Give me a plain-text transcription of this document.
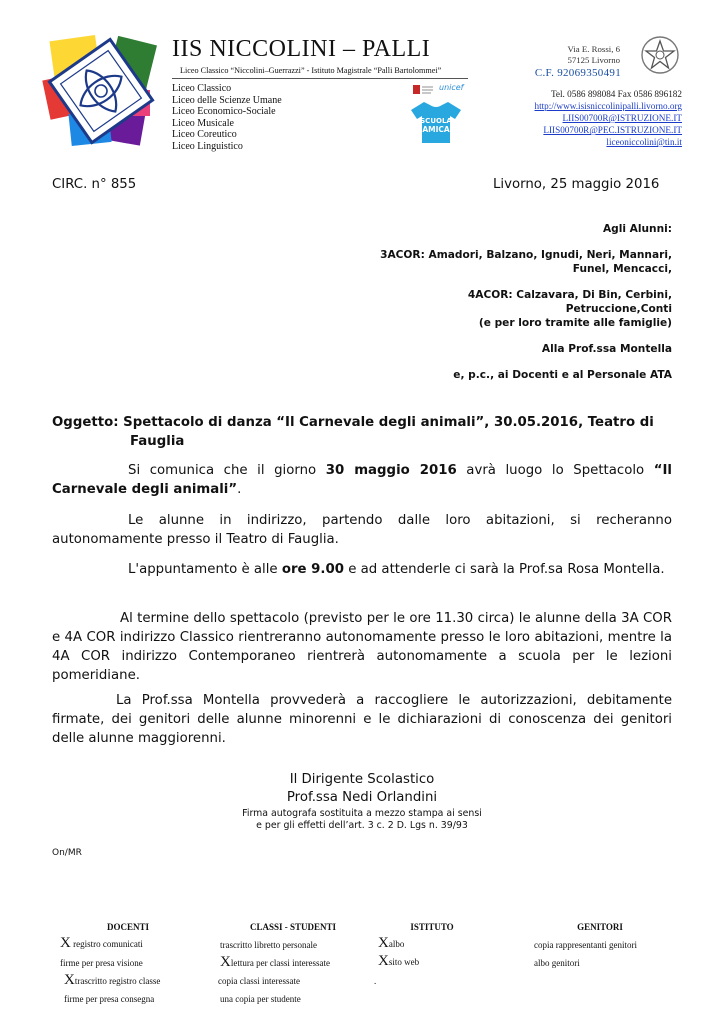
IIS NICCOLINI – PALLI
Liceo Classico “Niccolini–Guerrazzi” - Istituto Magistrale “Palli Bartolommei”
Liceo Classico
Liceo delle Scienze Umane
Liceo Economico-Sociale
Liceo Musicale
Liceo Coreutico
Liceo Linguistico
unicef
SCUOLA
AMICA
Via E. Rossi, 6
57125 Livorno
C.F. 92069350491
Tel. 0586 898084 Fax 0586 896182
http://www.isisniccolinipalli.livorno.org
LIIS00700R@ISTRUZIONE.IT
LIIS00700R@PEC.ISTRUZIONE.IT
liceoniccolini@tin.it
CIRC. n° 855	Livorno, 25 maggio 2016
Agli Alunni:
3ACOR: Amadori, Balzano, Ignudi, Neri, Mannari,
Funel, Mencacci,
4ACOR: Calzavara, Di Bin, Cerbini,
Petruccione,Conti
(e per loro tramite alle famiglie)
Alla Prof.ssa Montella
e, p.c., ai Docenti e al Personale ATA
Oggetto: Spettacolo di danza “Il Carnevale degli animali”, 30.05.2016, Teatro di
Fauglia
Si comunica che il giorno 30 maggio 2016 avrà luogo lo Spettacolo “Il Carnevale degli animali”.
Le alunne in indirizzo, partendo dalle loro abitazioni, si recheranno autonomamente presso il Teatro di Fauglia.
L'appuntamento è alle ore 9.00 e ad attenderle ci sarà la Prof.sa Rosa Montella.
Al termine dello spettacolo (previsto per le ore 11.30 circa) le alunne della 3A COR e 4A COR indirizzo Classico rientreranno autonomamente presso le loro abitazioni, mentre la 4A COR indirizzo Contemporaneo rientrerà autonomamente a scuola per le lezioni pomeridiane.
La Prof.ssa Montella provvederà a raccogliere le autorizzazioni, debitamente firmate, dei genitori delle alunne minorenni e le dichiarazioni di conoscenza dei genitori delle alunne maggiorenni.
Il Dirigente Scolastico
Prof.ssa Nedi Orlandini
Firma autografa sostituita a mezzo stampa ai sensi
e per gli effetti dell’art. 3 c. 2 D. Lgs n. 39/93
On/MR
DOCENTI
X registro comunicati
firme per presa visione
Xtrascritto registro classe
firme per presa consegna
CLASSI - STUDENTI
trascritto libretto personale
Xlettura per classi interessate
copia classi interessate
una copia per studente
ISTITUTO
Xalbo
Xsito web
.
GENITORI
copia rappresentanti genitori
albo genitori
